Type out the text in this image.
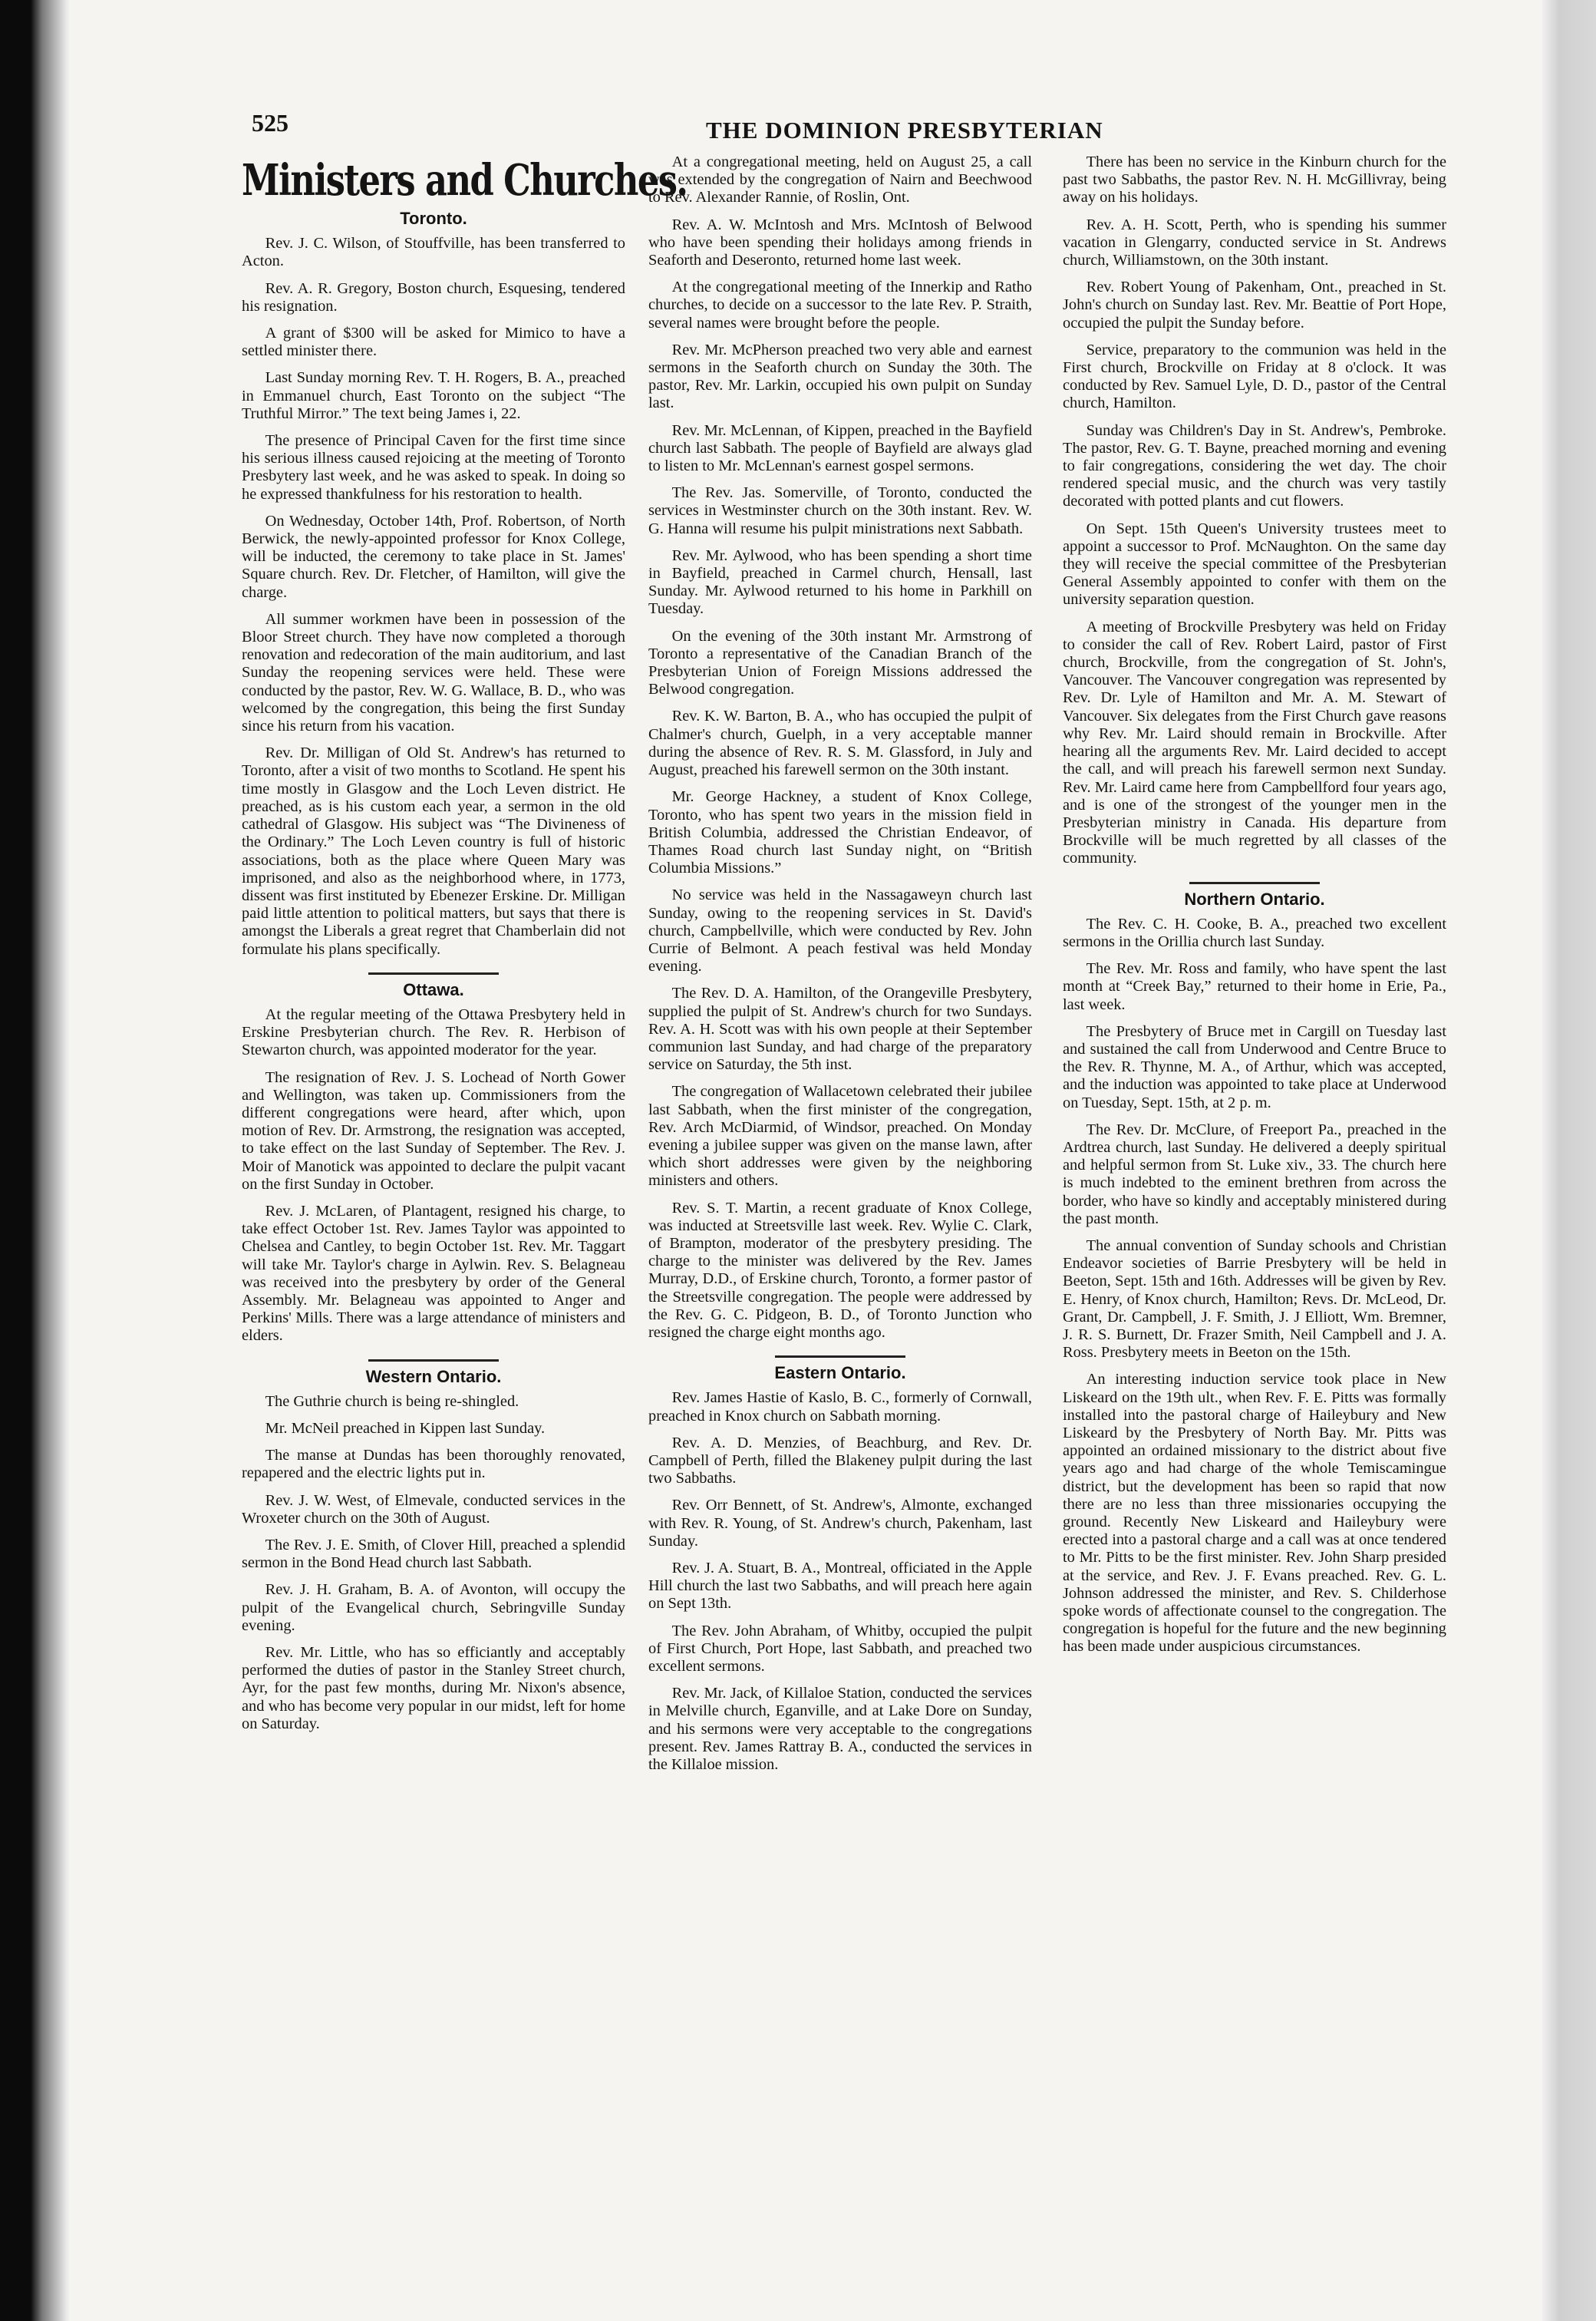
525	THE DOMINION PRESBYTERIAN
Ministers and Churches.
Toronto.

Rev. J. C. Wilson, of Stouffville, has been transferred to Acton.

Rev. A. R. Gregory, Boston church, Esquesing, tendered his resignation.

A grant of $300 will be asked for Mimico to have a settled minister there.

Last Sunday morning Rev. T. H. Rogers, B. A., preached in Emmanuel church, East Toronto on the subject “The Truthful Mirror.” The text being James i, 22.

The presence of Principal Caven for the first time since his serious illness caused rejoicing at the meeting of Toronto Presbytery last week, and he was asked to speak. In doing so he expressed thankfulness for his restoration to health.

On Wednesday, October 14th, Prof. Robertson, of North Berwick, the newly-appointed professor for Knox College, will be inducted, the ceremony to take place in St. James' Square church. Rev. Dr. Fletcher, of Hamilton, will give the charge.

All summer workmen have been in possession of the Bloor Street church. They have now completed a thorough renovation and redecoration of the main auditorium, and last Sunday the reopening services were held. These were conducted by the pastor, Rev. W. G. Wallace, B. D., who was welcomed by the congregation, this being the first Sunday since his return from his vacation.

Rev. Dr. Milligan of Old St. Andrew's has returned to Toronto, after a visit of two months to Scotland. He spent his time mostly in Glasgow and the Loch Leven district. He preached, as is his custom each year, a sermon in the old cathedral of Glasgow. His subject was “The Divineness of the Ordinary.” The Loch Leven country is full of historic associations, both as the place where Queen Mary was imprisoned, and also as the neighborhood where, in 1773, dissent was first instituted by Ebenezer Erskine. Dr. Milligan paid little attention to political matters, but says that there is amongst the Liberals a great regret that Chamberlain did not formulate his plans specifically.

Ottawa.

At the regular meeting of the Ottawa Presbytery held in Erskine Presbyterian church. The Rev. R. Herbison of Stewarton church, was appointed moderator for the year.

The resignation of Rev. J. S. Lochead of North Gower and Wellington, was taken up. Commissioners from the different congregations were heard, after which, upon motion of Rev. Dr. Armstrong, the resignation was accepted, to take effect on the last Sunday of September. The Rev. J. Moir of Manotick was appointed to declare the pulpit vacant on the first Sunday in October.

Rev. J. McLaren, of Plantagent, resigned his charge, to take effect October 1st. Rev. James Taylor was appointed to Chelsea and Cantley, to begin October 1st. Rev. Mr. Taggart will take Mr. Taylor's charge in Aylwin. Rev. S. Belagneau was received into the presbytery by order of the General Assembly. Mr. Belagneau was appointed to Anger and Perkins' Mills. There was a large attendance of ministers and elders.

Western Ontario.

The Guthrie church is being re-shingled.

Mr. McNeil preached in Kippen last Sunday.

The manse at Dundas has been thoroughly renovated, repapered and the electric lights put in.

Rev. J. W. West, of Elmevale, conducted services in the Wroxeter church on the 30th of August.

The Rev. J. E. Smith, of Clover Hill, preached a splendid sermon in the Bond Head church last Sabbath.

Rev. J. H. Graham, B. A. of Avonton, will occupy the pulpit of the Evangelical church, Sebringville Sunday evening.

Rev. Mr. Little, who has so efficiantly and acceptably performed the duties of pastor in the Stanley Street church, Ayr, for the past few months, during Mr. Nixon's absence, and who has become very popular in our midst, left for home on Saturday.

At a congregational meeting, held on August 25, a call was extended by the congregation of Nairn and Beechwood to Rev. Alexander Rannie, of Roslin, Ont.

Rev. A. W. McIntosh and Mrs. McIntosh of Belwood who have been spending their holidays among friends in Seaforth and Deseronto, returned home last week.

At the congregational meeting of the Innerkip and Ratho churches, to decide on a successor to the late Rev. P. Straith, several names were brought before the people.

Rev. Mr. McPherson preached two very able and earnest sermons in the Seaforth church on Sunday the 30th. The pastor, Rev. Mr. Larkin, occupied his own pulpit on Sunday last.

Rev. Mr. McLennan, of Kippen, preached in the Bayfield church last Sabbath. The people of Bayfield are always glad to listen to Mr. McLennan's earnest gospel sermons.

The Rev. Jas. Somerville, of Toronto, conducted the services in Westminster church on the 30th instant. Rev. W. G. Hanna will resume his pulpit ministrations next Sabbath.

Rev. Mr. Aylwood, who has been spending a short time in Bayfield, preached in Carmel church, Hensall, last Sunday. Mr. Aylwood returned to his home in Parkhill on Tuesday.

On the evening of the 30th instant Mr. Armstrong of Toronto a representative of the Canadian Branch of the Presbyterian Union of Foreign Missions addressed the Belwood congregation.

Rev. K. W. Barton, B. A., who has occupied the pulpit of Chalmer's church, Guelph, in a very acceptable manner during the absence of Rev. R. S. M. Glassford, in July and August, preached his farewell sermon on the 30th instant.

Mr. George Hackney, a student of Knox College, Toronto, who has spent two years in the mission field in British Columbia, addressed the Christian Endeavor, of Thames Road church last Sunday night, on “British Columbia Missions.”

No service was held in the Nassagaweyn church last Sunday, owing to the reopening services in St. David's church, Campbellville, which were conducted by Rev. John Currie of Belmont. A peach festival was held Monday evening.

The Rev. D. A. Hamilton, of the Orangeville Presbytery, supplied the pulpit of St. Andrew's church for two Sundays. Rev. A. H. Scott was with his own people at their September communion last Sunday, and had charge of the preparatory service on Saturday, the 5th inst.

The congregation of Wallacetown celebrated their jubilee last Sabbath, when the first minister of the congregation, Rev. Arch McDiarmid, of Windsor, preached. On Monday evening a jubilee supper was given on the manse lawn, after which short addresses were given by the neighboring ministers and others.

Rev. S. T. Martin, a recent graduate of Knox College, was inducted at Streetsville last week. Rev. Wylie C. Clark, of Brampton, moderator of the presbytery presiding. The charge to the minister was delivered by the Rev. James Murray, D.D., of Erskine church, Toronto, a former pastor of the Streetsville congregation. The people were addressed by the Rev. G. C. Pidgeon, B. D., of Toronto Junction who resigned the charge eight months ago.

Eastern Ontario.

Rev. James Hastie of Kaslo, B. C., formerly of Cornwall, preached in Knox church on Sabbath morning.

Rev. A. D. Menzies, of Beachburg, and Rev. Dr. Campbell of Perth, filled the Blakeney pulpit during the last two Sabbaths.

Rev. Orr Bennett, of St. Andrew's, Almonte, exchanged with Rev. R. Young, of St. Andrew's church, Pakenham, last Sunday.

Rev. J. A. Stuart, B. A., Montreal, officiated in the Apple Hill church the last two Sabbaths, and will preach here again on Sept 13th.

The Rev. John Abraham, of Whitby, occupied the pulpit of First Church, Port Hope, last Sabbath, and preached two excellent sermons.

Rev. Mr. Jack, of Killaloe Station, conducted the services in Melville church, Eganville, and at Lake Dore on Sunday, and his sermons were very acceptable to the congregations present. Rev. James Rattray B. A., conducted the services in the Killaloe mission.

There has been no service in the Kinburn church for the past two Sabbaths, the pastor Rev. N. H. McGillivray, being away on his holidays.

Rev. A. H. Scott, Perth, who is spending his summer vacation in Glengarry, conducted service in St. Andrews church, Williamstown, on the 30th instant.

Rev. Robert Young of Pakenham, Ont., preached in St. John's church on Sunday last. Rev. Mr. Beattie of Port Hope, occupied the pulpit the Sunday before.

Service, preparatory to the communion was held in the First church, Brockville on Friday at 8 o'clock. It was conducted by Rev. Samuel Lyle, D. D., pastor of the Central church, Hamilton.

Sunday was Children's Day in St. Andrew's, Pembroke. The pastor, Rev. G. T. Bayne, preached morning and evening to fair congregations, considering the wet day. The choir rendered special music, and the church was very tastily decorated with potted plants and cut flowers.

On Sept. 15th Queen's University trustees meet to appoint a successor to Prof. McNaughton. On the same day they will receive the special committee of the Presbyterian General Assembly appointed to confer with them on the university separation question.

A meeting of Brockville Presbytery was held on Friday to consider the call of Rev. Robert Laird, pastor of First church, Brockville, from the congregation of St. John's, Vancouver. The Vancouver congregation was represented by Rev. Dr. Lyle of Hamilton and Mr. A. M. Stewart of Vancouver. Six delegates from the First Church gave reasons why Rev. Mr. Laird should remain in Brockville. After hearing all the arguments Rev. Mr. Laird decided to accept the call, and will preach his farewell sermon next Sunday. Rev. Mr. Laird came here from Campbellford four years ago, and is one of the strongest of the younger men in the Presbyterian ministry in Canada. His departure from Brockville will be much regretted by all classes of the community.

Northern Ontario.

The Rev. C. H. Cooke, B. A., preached two excellent sermons in the Orillia church last Sunday.

The Rev. Mr. Ross and family, who have spent the last month at “Creek Bay,” returned to their home in Erie, Pa., last week.

The Presbytery of Bruce met in Cargill on Tuesday last and sustained the call from Underwood and Centre Bruce to the Rev. R. Thynne, M. A., of Arthur, which was accepted, and the induction was appointed to take place at Underwood on Tuesday, Sept. 15th, at 2 p. m.

The Rev. Dr. McClure, of Freeport Pa., preached in the Ardtrea church, last Sunday. He delivered a deeply spiritual and helpful sermon from St. Luke xiv., 33. The church here is much indebted to the eminent brethren from across the border, who have so kindly and acceptably ministered during the past month.

The annual convention of Sunday schools and Christian Endeavor societies of Barrie Presbytery will be held in Beeton, Sept. 15th and 16th. Addresses will be given by Rev. E. Henry, of Knox church, Hamilton; Revs. Dr. McLeod, Dr. Grant, Dr. Campbell, J. F. Smith, J. J Elliott, Wm. Bremner, J. R. S. Burnett, Dr. Frazer Smith, Neil Campbell and J. A. Ross. Presbytery meets in Beeton on the 15th.

An interesting induction service took place in New Liskeard on the 19th ult., when Rev. F. E. Pitts was formally installed into the pastoral charge of Haileybury and New Liskeard by the Presbytery of North Bay. Mr. Pitts was appointed an ordained missionary to the district about five years ago and had charge of the whole Temiscamingue district, but the development has been so rapid that now there are no less than three missionaries occupying the ground. Recently New Liskeard and Haileybury were erected into a pastoral charge and a call was at once tendered to Mr. Pitts to be the first minister. Rev. John Sharp presided at the service, and Rev. J. F. Evans preached. Rev. G. L. Johnson addressed the minister, and Rev. S. Childerhose spoke words of affectionate counsel to the congregation. The congregation is hopeful for the future and the new beginning has been made under auspicious circumstances.
